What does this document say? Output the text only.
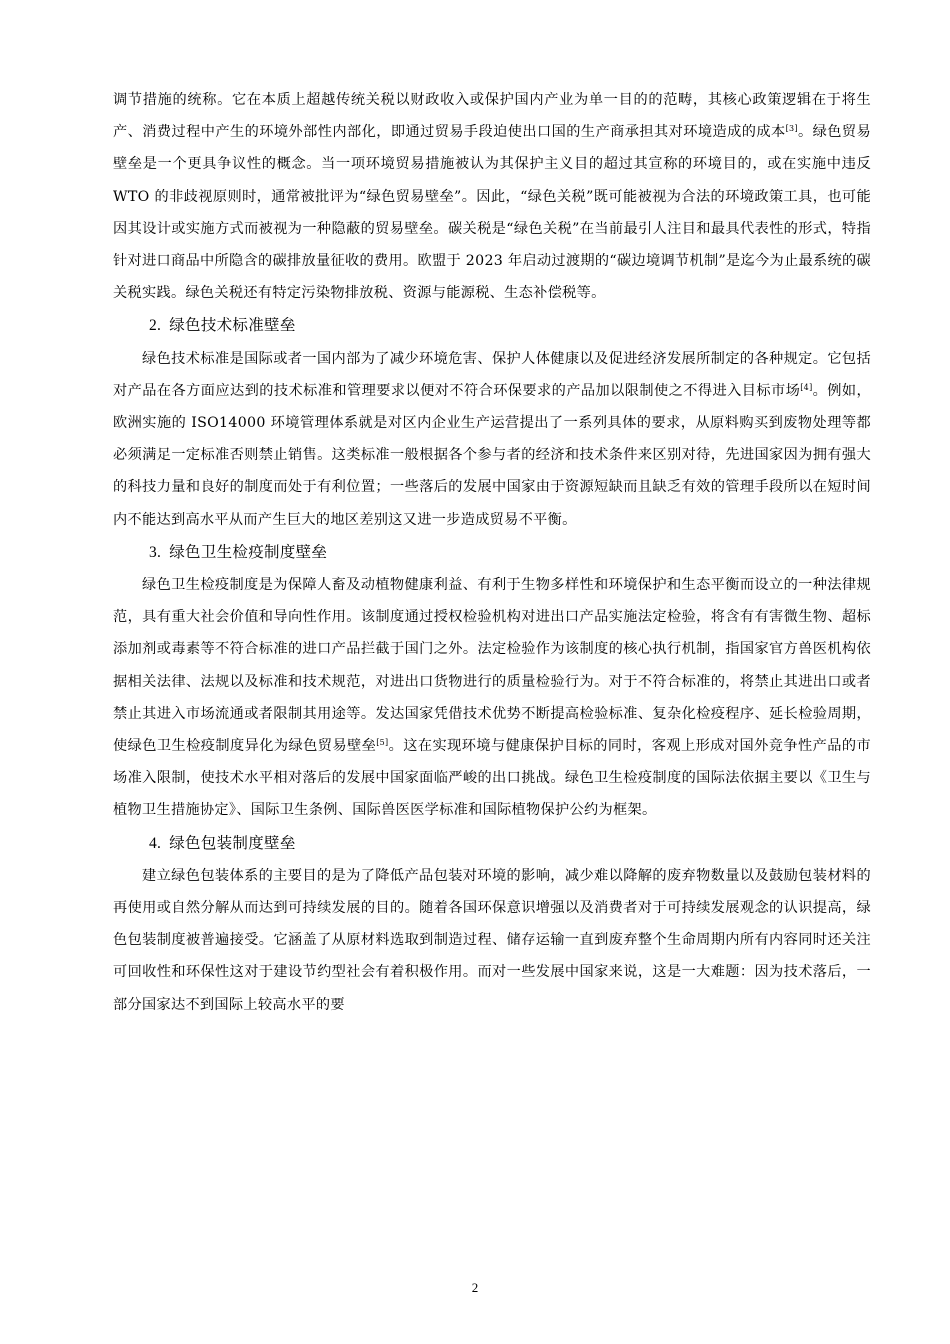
调节措施的统称。它在本质上超越传统关税以财政收入或保护国内产业为单一目的的范畴，其核心政策逻辑在于将生产、消费过程中产生的环境外部性内部化，即通过贸易手段迫使出口国的生产商承担其对环境造成的成本[3]。绿色贸易壁垒是一个更具争议性的概念。当一项环境贸易措施被认为其保护主义目的超过其宣称的环境目的，或在实施中违反 WTO 的非歧视原则时，通常被批评为“绿色贸易壁垒”。因此，“绿色关税”既可能被视为合法的环境政策工具，也可能因其设计或实施方式而被视为一种隐蔽的贸易壁垒。碳关税是“绿色关税”在当前最引人注目和最具代表性的形式，特指针对进口商品中所隐含的碳排放量征收的费用。欧盟于 2023 年启动过渡期的“碳边境调节机制”是迄今为止最系统的碳关税实践。绿色关税还有特定污染物排放税、资源与能源税、生态补偿税等。

2. 绿色技术标准壁垒

绿色技术标准是国际或者一国内部为了减少环境危害、保护人体健康以及促进经济发展所制定的各种规定。它包括对产品在各方面应达到的技术标准和管理要求以便对不符合环保要求的产品加以限制使之不得进入目标市场[4]。例如，欧洲实施的 ISO14000 环境管理体系就是对区内企业生产运营提出了一系列具体的要求，从原料购买到废物处理等都必须满足一定标准否则禁止销售。这类标准一般根据各个参与者的经济和技术条件来区别对待，先进国家因为拥有强大的科技力量和良好的制度而处于有利位置；一些落后的发展中国家由于资源短缺而且缺乏有效的管理手段所以在短时间内不能达到高水平从而产生巨大的地区差别这又进一步造成贸易不平衡。

3. 绿色卫生检疫制度壁垒

绿色卫生检疫制度是为保障人畜及动植物健康利益、有利于生物多样性和环境保护和生态平衡而设立的一种法律规范，具有重大社会价值和导向性作用。该制度通过授权检验机构对进出口产品实施法定检验，将含有有害微生物、超标添加剂或毒素等不符合标准的进口产品拦截于国门之外。法定检验作为该制度的核心执行机制，指国家官方兽医机构依据相关法律、法规以及标准和技术规范，对进出口货物进行的质量检验行为。对于不符合标准的，将禁止其进出口或者禁止其进入市场流通或者限制其用途等。发达国家凭借技术优势不断提高检验标准、复杂化检疫程序、延长检验周期，使绿色卫生检疫制度异化为绿色贸易壁垒[5]。这在实现环境与健康保护目标的同时，客观上形成对国外竞争性产品的市场准入限制，使技术水平相对落后的发展中国家面临严峻的出口挑战。绿色卫生检疫制度的国际法依据主要以《卫生与植物卫生措施协定》、国际卫生条例、国际兽医医学标准和国际植物保护公约为框架。

4. 绿色包装制度壁垒

建立绿色包装体系的主要目的是为了降低产品包装对环境的影响，减少难以降解的废弃物数量以及鼓励包装材料的再使用或自然分解从而达到可持续发展的目的。随着各国环保意识增强以及消费者对于可持续发展观念的认识提高，绿色包装制度被普遍接受。它涵盖了从原材料选取到制造过程、储存运输一直到废弃整个生命周期内所有内容同时还关注可回收性和环保性这对于建设节约型社会有着积极作用。而对一些发展中国家来说，这是一大难题：因为技术落后，一部分国家达不到国际上较高水平的要

2
